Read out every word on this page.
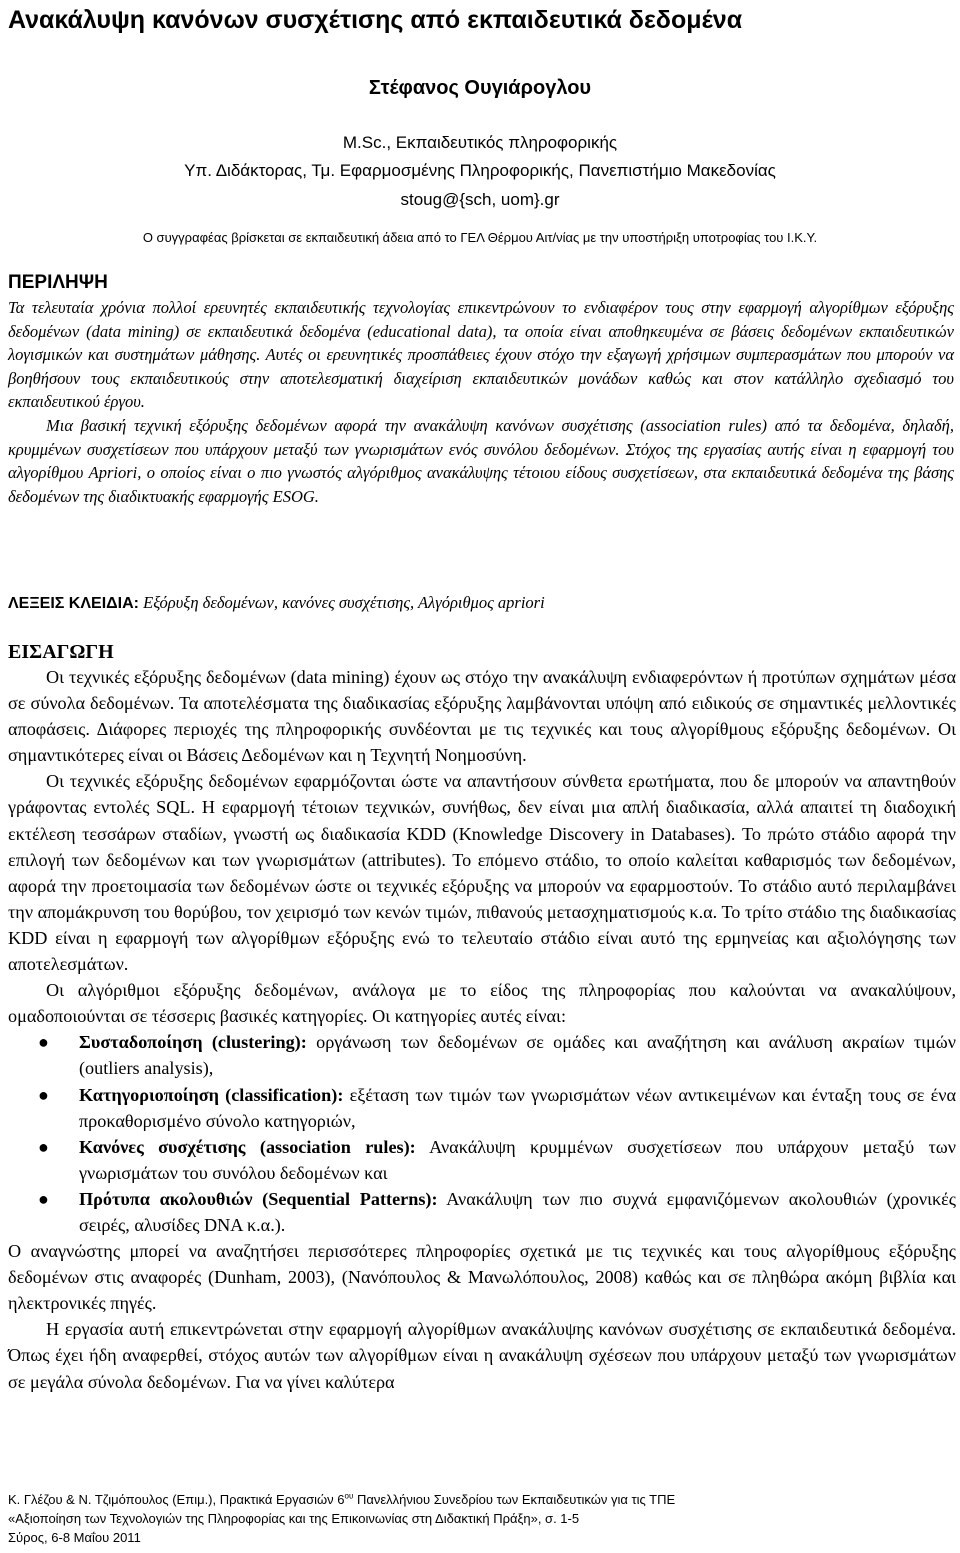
Ανακάλυψη κανόνων συσχέτισης από εκπαιδευτικά δεδομένα
Στέφανος Ουγιάρογλου
M.Sc., Εκπαιδευτικός πληροφορικής
Υπ. Διδάκτορας, Τμ. Εφαρμοσμένης Πληροφορικής, Πανεπιστήμιο Μακεδονίας
stoug@{sch, uom}.gr
Ο συγγραφέας βρίσκεται σε εκπαιδευτική άδεια από το ΓΕΛ Θέρμου Αιτ/νίας με την υποστήριξη υποτροφίας του Ι.Κ.Υ.
ΠΕΡΙΛΗΨΗ

Τα τελευταία χρόνια πολλοί ερευνητές εκπαιδευτικής τεχνολογίας επικεντρώνουν το ενδιαφέρον τους στην εφαρμογή αλγορίθμων εξόρυξης δεδομένων (data mining) σε εκπαιδευτικά δεδομένα (educational data), τα οποία είναι αποθηκευμένα σε βάσεις δεδομένων εκπαιδευτικών λογισμικών και συστημάτων μάθησης. Αυτές οι ερευνητικές προσπάθειες έχουν στόχο την εξαγωγή χρήσιμων συμπερασμάτων που μπορούν να βοηθήσουν τους εκπαιδευτικούς στην αποτελεσματική διαχείριση εκπαιδευτικών μονάδων καθώς και στον κατάλληλο σχεδιασμό του εκπαιδευτικού έργου.

Μια βασική τεχνική εξόρυξης δεδομένων αφορά την ανακάλυψη κανόνων συσχέτισης (association rules) από τα δεδομένα, δηλαδή, κρυμμένων συσχετίσεων που υπάρχουν μεταξύ των γνωρισμάτων ενός συνόλου δεδομένων. Στόχος της εργασίας αυτής είναι η εφαρμογή του αλγορίθμου Apriori, ο οποίος είναι ο πιο γνωστός αλγόριθμος ανακάλυψης τέτοιου είδους συσχετίσεων, στα εκπαιδευτικά δεδομένα της βάσης δεδομένων της διαδικτυακής εφαρμογής ESOG.

ΛΕΞΕΙΣ ΚΛΕΙΔΙΑ: Εξόρυξη δεδομένων, κανόνες συσχέτισης, Αλγόριθμος apriori
ΕΙΣΑΓΩΓΗ

Οι τεχνικές εξόρυξης δεδομένων (data mining) έχουν ως στόχο την ανακάλυψη ενδιαφερόντων ή προτύπων σχημάτων μέσα σε σύνολα δεδομένων. Τα αποτελέσματα της διαδικασίας εξόρυξης λαμβάνονται υπόψη από ειδικούς σε σημαντικές μελλοντικές αποφάσεις. Διάφορες περιοχές της πληροφορικής συνδέονται με τις τεχνικές και τους αλγορίθμους εξόρυξης δεδομένων. Οι σημαντικότερες είναι οι Βάσεις Δεδομένων και η Τεχνητή Νοημοσύνη.

Οι τεχνικές εξόρυξης δεδομένων εφαρμόζονται ώστε να απαντήσουν σύνθετα ερωτήματα, που δε μπορούν να απαντηθούν γράφοντας εντολές SQL. Η εφαρμογή τέτοιων τεχνικών, συνήθως, δεν είναι μια απλή διαδικασία, αλλά απαιτεί τη διαδοχική εκτέλεση τεσσάρων σταδίων, γνωστή ως διαδικασία KDD (Knowledge Discovery in Databases). Το πρώτο στάδιο αφορά την επιλογή των δεδομένων και των γνωρισμάτων (attributes). Το επόμενο στάδιο, το οποίο καλείται καθαρισμός των δεδομένων, αφορά την προετοιμασία των δεδομένων ώστε οι τεχνικές εξόρυξης να μπορούν να εφαρμοστούν. Το στάδιο αυτό περιλαμβάνει την απομάκρυνση του θορύβου, τον χειρισμό των κενών τιμών, πιθανούς μετασχηματισμούς κ.α. Το τρίτο στάδιο της διαδικασίας KDD είναι η εφαρμογή των αλγορίθμων εξόρυξης ενώ το τελευταίο στάδιο είναι αυτό της ερμηνείας και αξιολόγησης των αποτελεσμάτων.

Οι αλγόριθμοι εξόρυξης δεδομένων, ανάλογα με το είδος της πληροφορίας που καλούνται να ανακαλύψουν, ομαδοποιούνται σε τέσσερις βασικές κατηγορίες. Οι κατηγορίες αυτές είναι:

● Συσταδοποίηση (clustering): οργάνωση των δεδομένων σε ομάδες και αναζήτηση και ανάλυση ακραίων τιμών (outliers analysis),
● Κατηγοριοποίηση (classification): εξέταση των τιμών των γνωρισμάτων νέων αντικειμένων και ένταξη τους σε ένα προκαθορισμένο σύνολο κατηγοριών,
● Κανόνες συσχέτισης (association rules): Ανακάλυψη κρυμμένων συσχετίσεων που υπάρχουν μεταξύ των γνωρισμάτων του συνόλου δεδομένων και
● Πρότυπα ακολουθιών (Sequential Patterns): Ανακάλυψη των πιο συχνά εμφανιζόμενων ακολουθιών (χρονικές σειρές, αλυσίδες DNA κ.α.).

Ο αναγνώστης μπορεί να αναζητήσει περισσότερες πληροφορίες σχετικά με τις τεχνικές και τους αλγορίθμους εξόρυξης δεδομένων στις αναφορές (Dunham, 2003), (Νανόπουλος & Μανωλόπουλος, 2008) καθώς και σε πληθώρα ακόμη βιβλία και ηλεκτρονικές πηγές.

Η εργασία αυτή επικεντρώνεται στην εφαρμογή αλγορίθμων ανακάλυψης κανόνων συσχέτισης σε εκπαιδευτικά δεδομένα. Όπως έχει ήδη αναφερθεί, στόχος αυτών των αλγορίθμων είναι η ανακάλυψη σχέσεων που υπάρχουν μεταξύ των γνωρισμάτων σε μεγάλα σύνολα δεδομένων. Για να γίνει καλύτερα

Κ. Γλέζου & Ν. Τζιμόπουλος (Επιμ.), Πρακτικά Εργασιών $6^{o\upsilon}$ Πανελλήνιου Συνεδρίου των Εκπαιδευτικών για τις ΤΠΕ

«Αξιοποίηση των Τεχνολογιών της Πληροφορίας και της Επικοινωνίας στη Διδακτική Πράξη», σ. 1-5

Σύρος, 6-8 Μαΐου 2011
